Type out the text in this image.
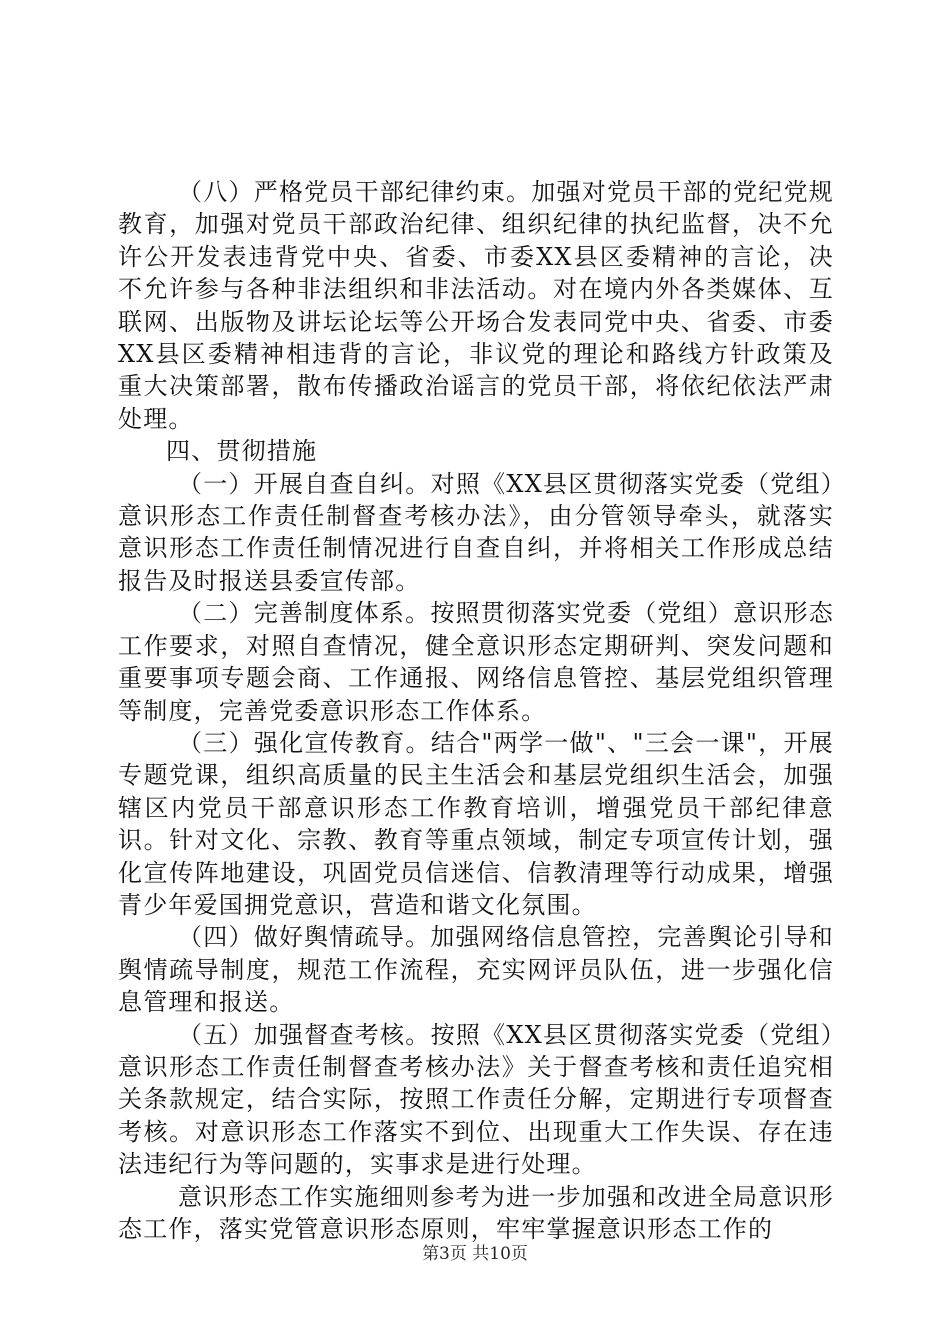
（八）严格党员干部纪律约束。加强对党员干部的党纪党规教育，加强对党员干部政治纪律、组织纪律的执纪监督，决不允许公开发表违背党中央、省委、市委XX县区委精神的言论，决不允许参与各种非法组织和非法活动。对在境内外各类媒体、互联网、出版物及讲坛论坛等公开场合发表同党中央、省委、市委XX县区委精神相违背的言论，非议党的理论和路线方针政策及重大决策部署，散布传播政治谣言的党员干部，将依纪依法严肃处理。

四、贯彻措施

（一）开展自查自纠。对照《XX县区贯彻落实党委（党组）意识形态工作责任制督查考核办法》，由分管领导牵头，就落实意识形态工作责任制情况进行自查自纠，并将相关工作形成总结报告及时报送县委宣传部。

（二）完善制度体系。按照贯彻落实党委（党组）意识形态工作要求，对照自查情况，健全意识形态定期研判、突发问题和重要事项专题会商、工作通报、网络信息管控、基层党组织管理等制度，完善党委意识形态工作体系。

（三）强化宣传教育。结合"两学一做"、"三会一课"，开展专题党课，组织高质量的民主生活会和基层党组织生活会，加强辖区内党员干部意识形态工作教育培训，增强党员干部纪律意识。针对文化、宗教、教育等重点领域，制定专项宣传计划，强化宣传阵地建设，巩固党员信迷信、信教清理等行动成果，增强青少年爱国拥党意识，营造和谐文化氛围。

（四）做好舆情疏导。加强网络信息管控，完善舆论引导和舆情疏导制度，规范工作流程，充实网评员队伍，进一步强化信息管理和报送。

（五）加强督查考核。按照《XX县区贯彻落实党委（党组）意识形态工作责任制督查考核办法》关于督查考核和责任追究相关条款规定，结合实际，按照工作责任分解，定期进行专项督查考核。对意识形态工作落实不到位、出现重大工作失误、存在违法违纪行为等问题的，实事求是进行处理。

意识形态工作实施细则参考为进一步加强和改进全局意识形态工作，落实党管意识形态原则，牢牢掌握意识形态工作的

第3页 共10页
